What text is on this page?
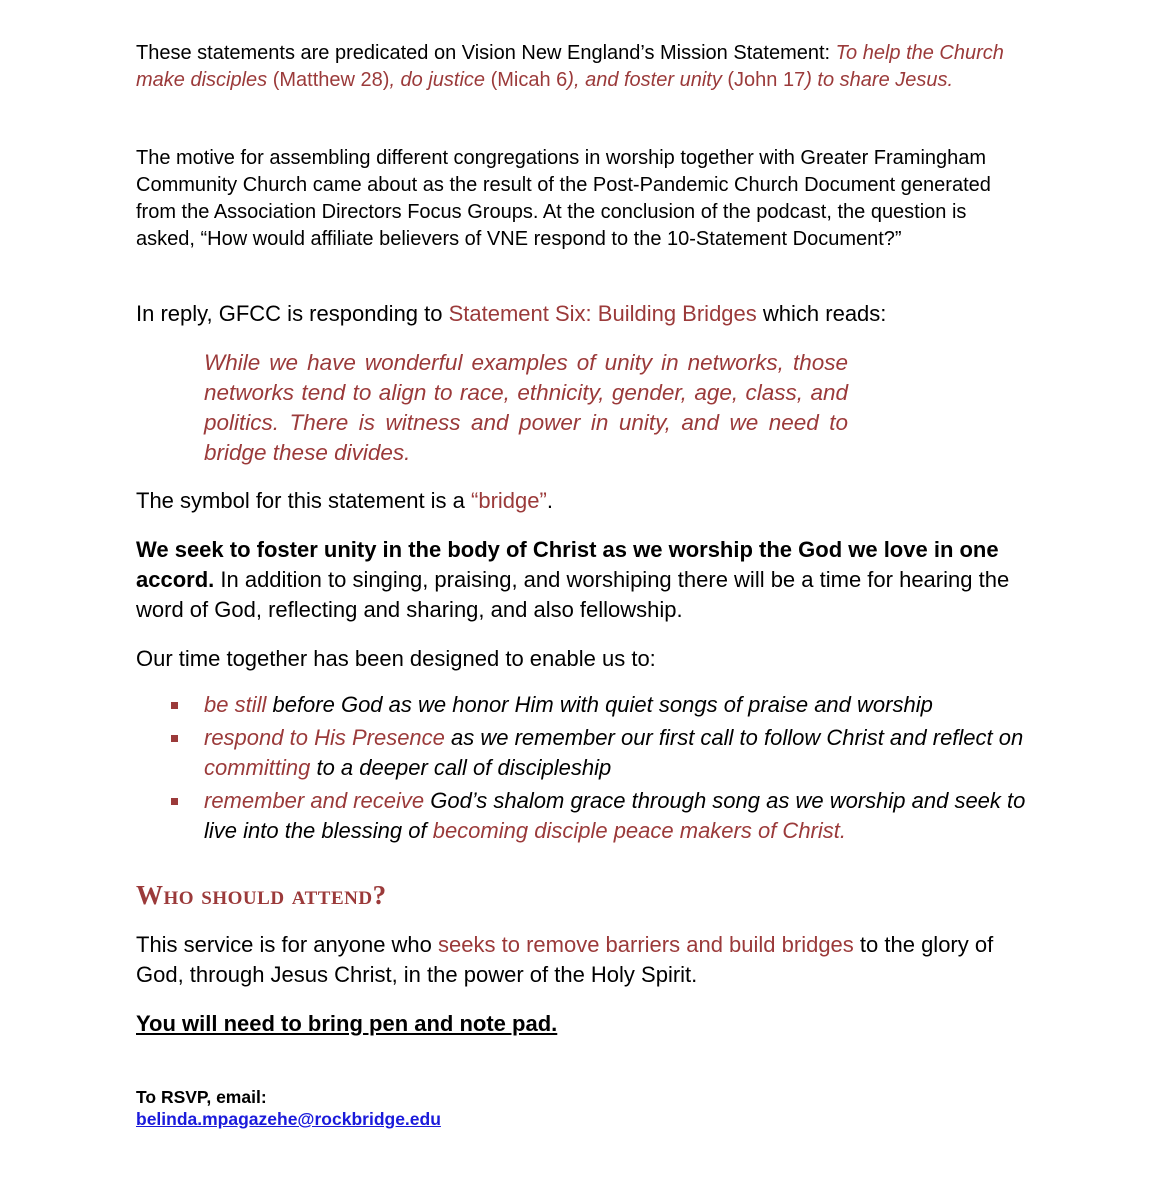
These statements are predicated on Vision New England’s Mission Statement: To help the Church make disciples (Matthew 28), do justice (Micah 6), and foster unity (John 17) to share Jesus.

The motive for assembling different congregations in worship together with Greater Framingham Community Church came about as the result of the Post-Pandemic Church Document generated from the Association Directors Focus Groups. At the conclusion of the podcast, the question is asked, “How would affiliate believers of VNE respond to the 10-Statement Document?”

In reply, GFCC is responding to Statement Six: Building Bridges which reads:

While we have wonderful examples of unity in networks, those networks tend to align to race, ethnicity, gender, age, class, and politics. There is witness and power in unity, and we need to bridge these divides.

The symbol for this statement is a “bridge”.

We seek to foster unity in the body of Christ as we worship the God we love in one accord. In addition to singing, praising, and worshiping there will be a time for hearing the word of God, reflecting and sharing, and also fellowship.

Our time together has been designed to enable us to:

be still before God as we honor Him with quiet songs of praise and worship
respond to His Presence as we remember our first call to follow Christ and reflect on committing to a deeper call of discipleship
remember and receive God’s shalom grace through song as we worship and seek to live into the blessing of becoming disciple peace makers of Christ.
Who should attend?

This service is for anyone who seeks to remove barriers and build bridges to the glory of God, through Jesus Christ, in the power of the Holy Spirit.

You will need to bring pen and note pad.

To RSVP, email:
belinda.mpagazehe@rockbridge.edu
